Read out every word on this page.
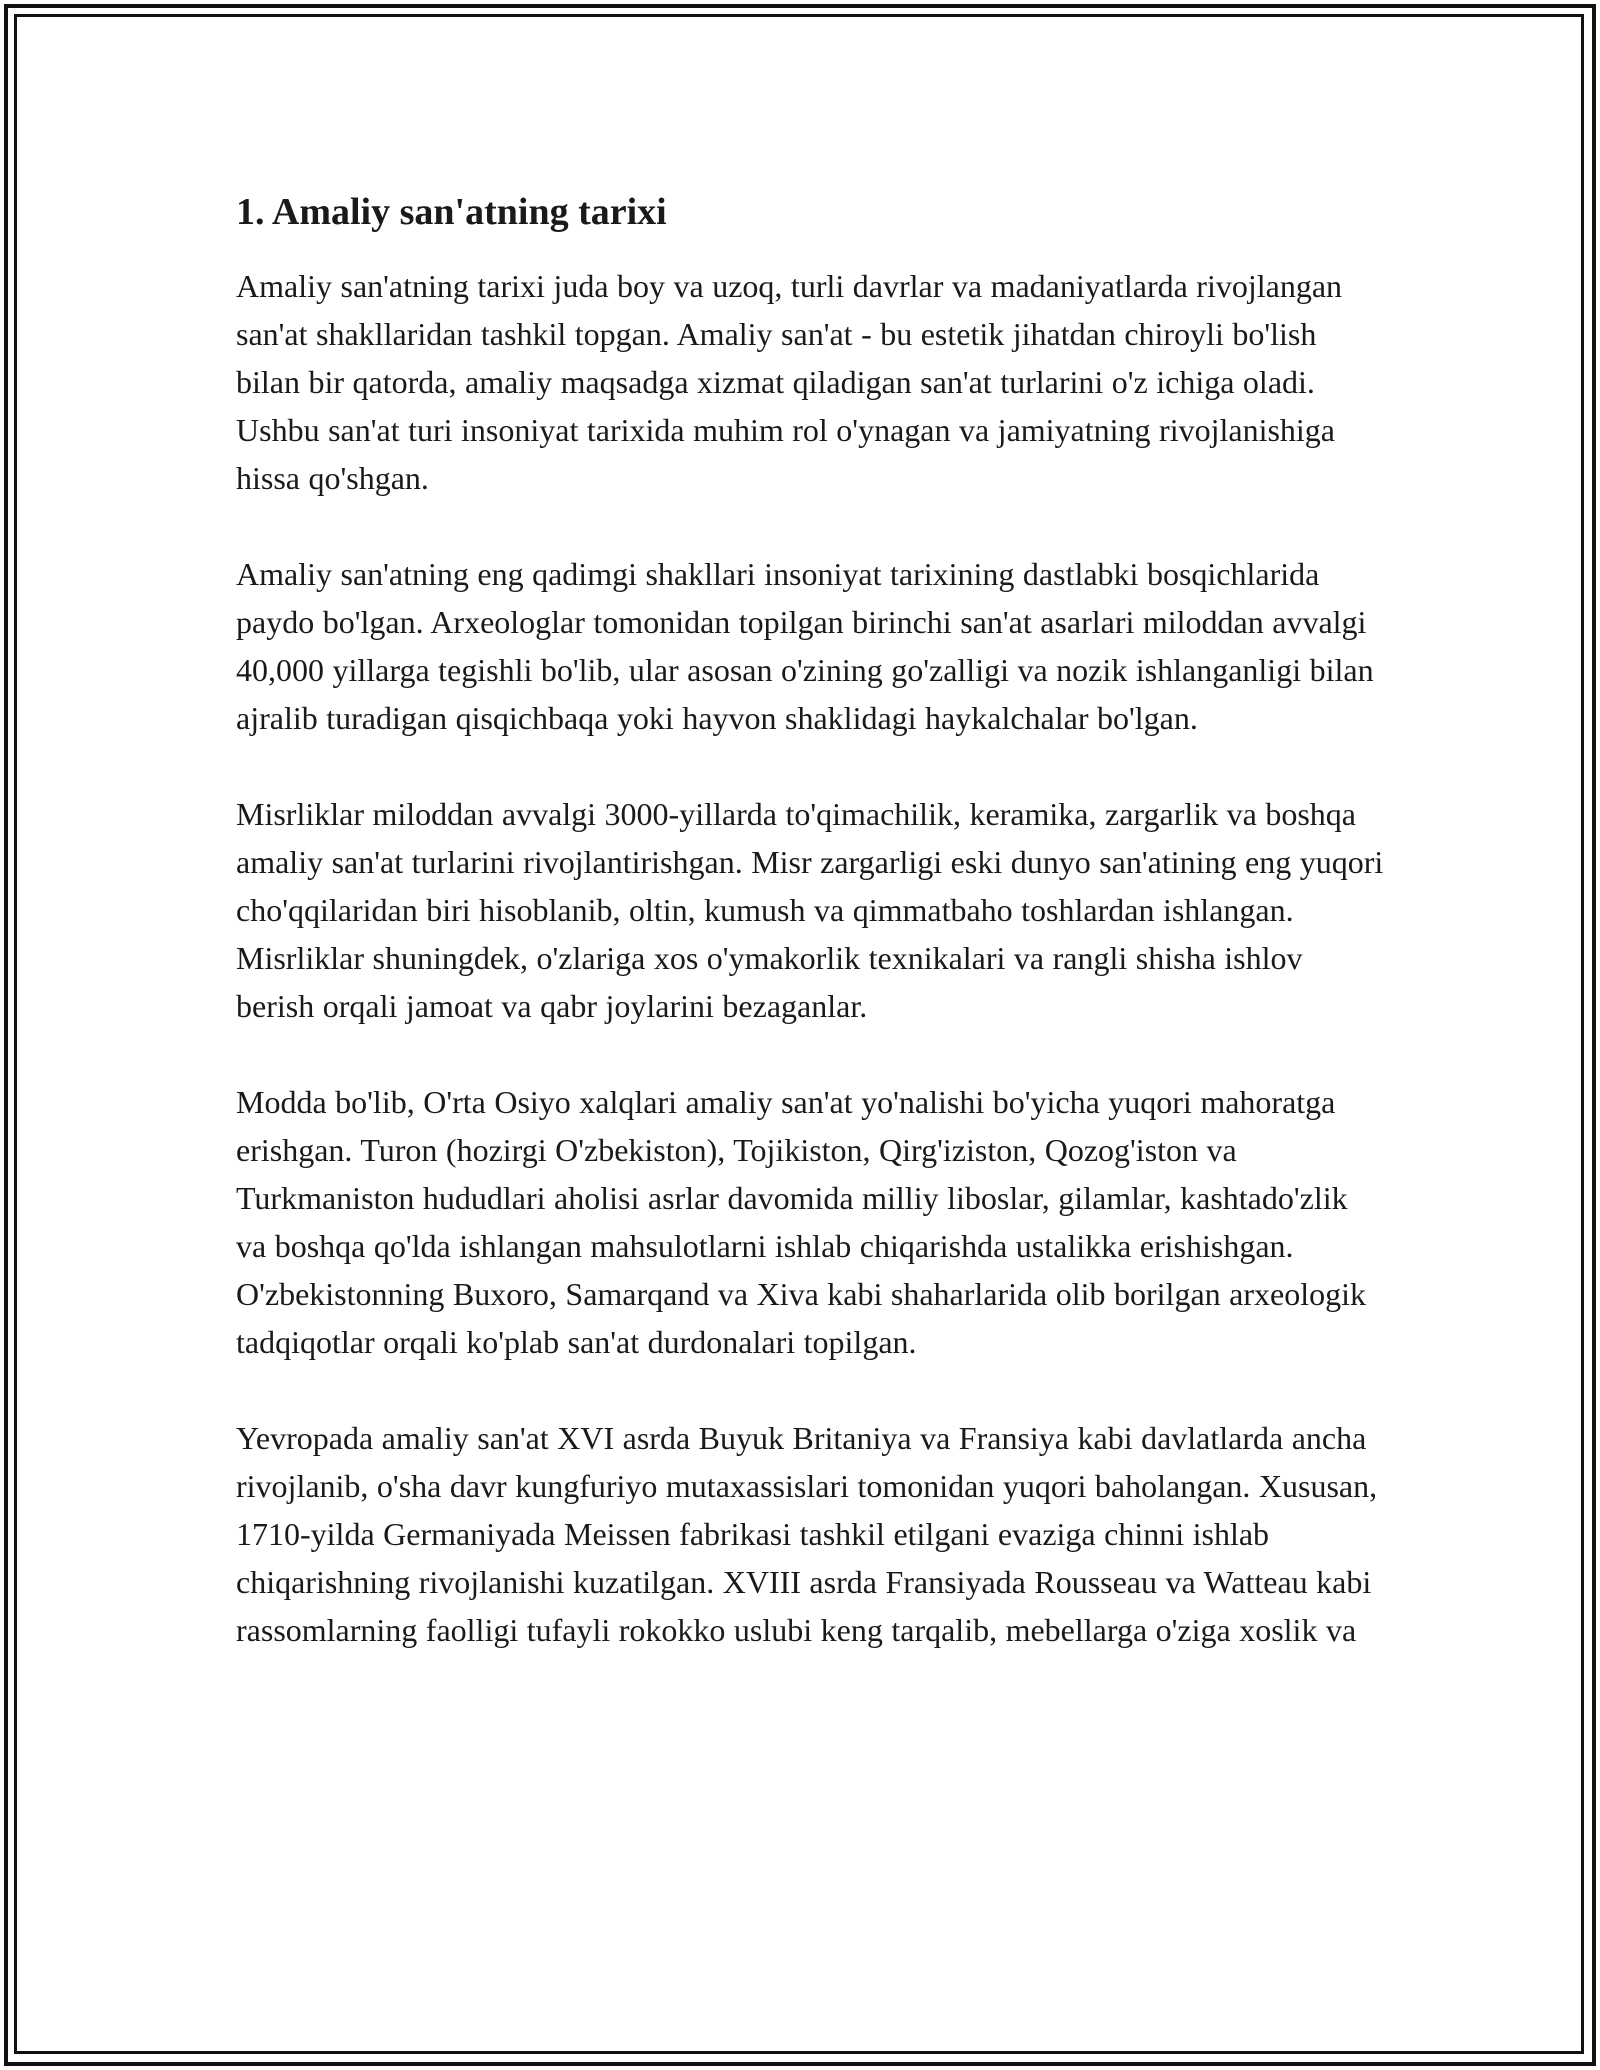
1. Amaliy san'atning tarixi

Amaliy san'atning tarixi juda boy va uzoq, turli davrlar va madaniyatlarda rivojlangan san'at shakllaridan tashkil topgan. Amaliy san'at - bu estetik jihatdan chiroyli bo'lish bilan bir qatorda, amaliy maqsadga xizmat qiladigan san'at turlarini o'z ichiga oladi. Ushbu san'at turi insoniyat tarixida muhim rol o'ynagan va jamiyatning rivojlanishiga hissa qo'shgan.

Amaliy san'atning eng qadimgi shakllari insoniyat tarixining dastlabki bosqichlarida paydo bo'lgan. Arxeologlar tomonidan topilgan birinchi san'at asarlari miloddan avvalgi 40,000 yillarga tegishli bo'lib, ular asosan o'zining go'zalligi va nozik ishlanganligi bilan ajralib turadigan qisqichbaqa yoki hayvon shaklidagi haykalchalar bo'lgan.

Misrliklar miloddan avvalgi 3000-yillarda to'qimachilik, keramika, zargarlik va boshqa amaliy san'at turlarini rivojlantirishgan. Misr zargarligi eski dunyo san'atining eng yuqori cho'qqilaridan biri hisoblanib, oltin, kumush va qimmatbaho toshlardan ishlangan. Misrliklar shuningdek, o'zlariga xos o'ymakorlik texnikalari va rangli shisha ishlov berish orqali jamoat va qabr joylarini bezaganlar.

Modda bo'lib, O'rta Osiyo xalqlari amaliy san'at yo'nalishi bo'yicha yuqori mahoratga erishgan. Turon (hozirgi O'zbekiston), Tojikiston, Qirg'iziston, Qozog'iston va Turkmaniston hududlari aholisi asrlar davomida milliy liboslar, gilamlar, kashtado'zlik va boshqa qo'lda ishlangan mahsulotlarni ishlab chiqarishda ustalikka erishishgan. O'zbekistonning Buxoro, Samarqand va Xiva kabi shaharlarida olib borilgan arxeologik tadqiqotlar orqali ko'plab san'at durdonalari topilgan.

Yevropada amaliy san'at XVI asrda Buyuk Britaniya va Fransiya kabi davlatlarda ancha rivojlanib, o'sha davr kungfuriyo mutaxassislari tomonidan yuqori baholangan. Xususan, 1710-yilda Germaniyada Meissen fabrikasi tashkil etilgani evaziga chinni ishlab chiqarishning rivojlanishi kuzatilgan. XVIII asrda Fransiyada Rousseau va Watteau kabi rassomlarning faolligi tufayli rokokko uslubi keng tarqalib, mebellarga o'ziga xoslik va
